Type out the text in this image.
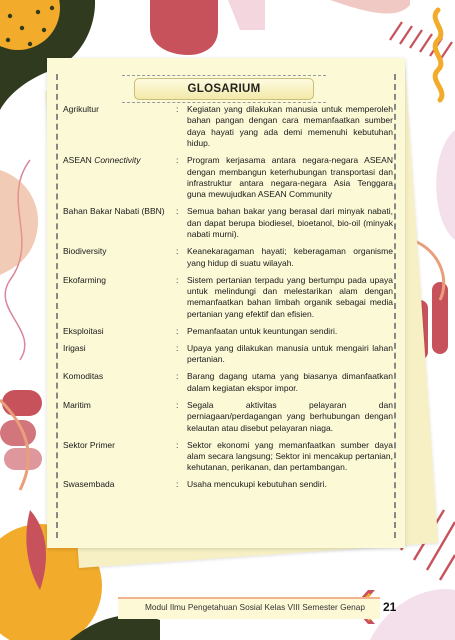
GLOSARIUM
Agrikultur	:	Kegiatan yang dilakukan manusia untuk memperoleh bahan pangan dengan cara memanfaatkan sumber daya hayati yang ada demi memenuhi kebutuhan hidup.
ASEAN Connectivity	:	Program kerjasama antara negara-negara ASEAN dengan membangun keterhubungan transportasi dan infrastruktur antara negara-negara Asia Tenggara guna mewujudkan ASEAN Community
Bahan Bakar Nabati (BBN)	:	Semua bahan bakar yang berasal dari minyak nabati, dan dapat berupa biodiesel, bioetanol, bio-oil (minyak nabati murni).
Biodiversity	:	Keanekaragaman hayati; keberagaman organisme yang hidup di suatu wilayah.
Ekofarming	:	Sistem pertanian terpadu yang bertumpu pada upaya untuk melindungi dan melestarikan alam dengan memanfaatkan bahan limbah organik sebagai media pertanian yang efektif dan efisien.
Eksploitasi	:	Pemanfaatan untuk keuntungan sendiri.
Irigasi	:	Upaya yang dilakukan manusia untuk mengairi lahan pertanian.
Komoditas	:	Barang dagang utama yang biasanya dimanfaatkan dalam kegiatan ekspor impor.
Maritim	:	Segala aktivitas pelayaran dan perniagaan/perdagangan yang berhubungan dengan kelautan atau disebut pelayaran niaga.
Sektor Primer	:	Sektor ekonomi yang memanfaatkan sumber daya alam secara langsung; Sektor ini mencakup pertanian, kehutanan, perikanan, dan pertambangan.
Swasembada	:	Usaha mencukupi kebutuhan sendiri.
Modul Ilmu Pengetahuan Sosial Kelas VIII Semester Genap 21
